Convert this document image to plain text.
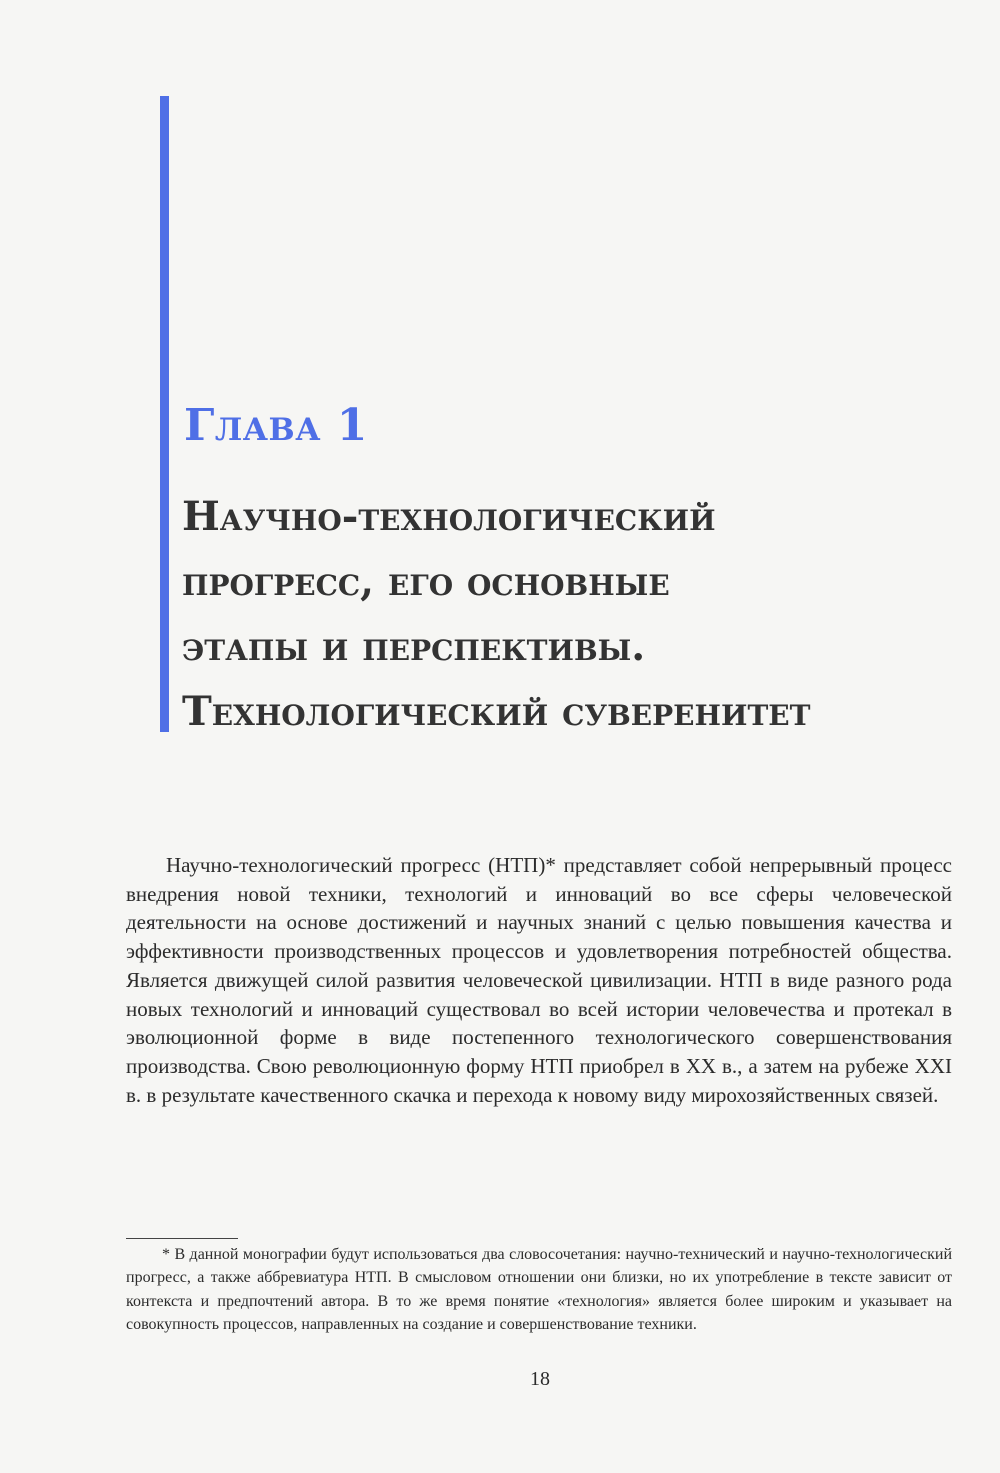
Глава 1
Научно-технологический
прогресс, его основные
этапы и перспективы.
Технологический суверенитет

Научно-технологический прогресс (НТП)* представляет собой непрерывный процесс внедрения новой техники, технологий и инноваций во все сферы человеческой деятельности на основе достижений и научных знаний с целью повышения качества и эффективности производственных процессов и удовлетворения потребностей общества. Является движущей силой развития человеческой цивилизации. НТП в виде разного рода новых технологий и инноваций существовал во всей истории человечества и протекал в эволюционной форме в виде постепенного технологического совершенствования производства. Свою революционную форму НТП приобрел в XX в., а затем на рубеже XXI в. в результате качественного скачка и перехода к новому виду мирохозяйственных связей.

* В данной монографии будут использоваться два словосочетания: научно-технический и научно-технологический прогресс, а также аббревиатура НТП. В смысловом отношении они близки, но их употребление в тексте зависит от контекста и предпочтений автора. В то же время понятие «технология» является более широким и указывает на совокупность процессов, направленных на создание и совершенствование техники.

18
